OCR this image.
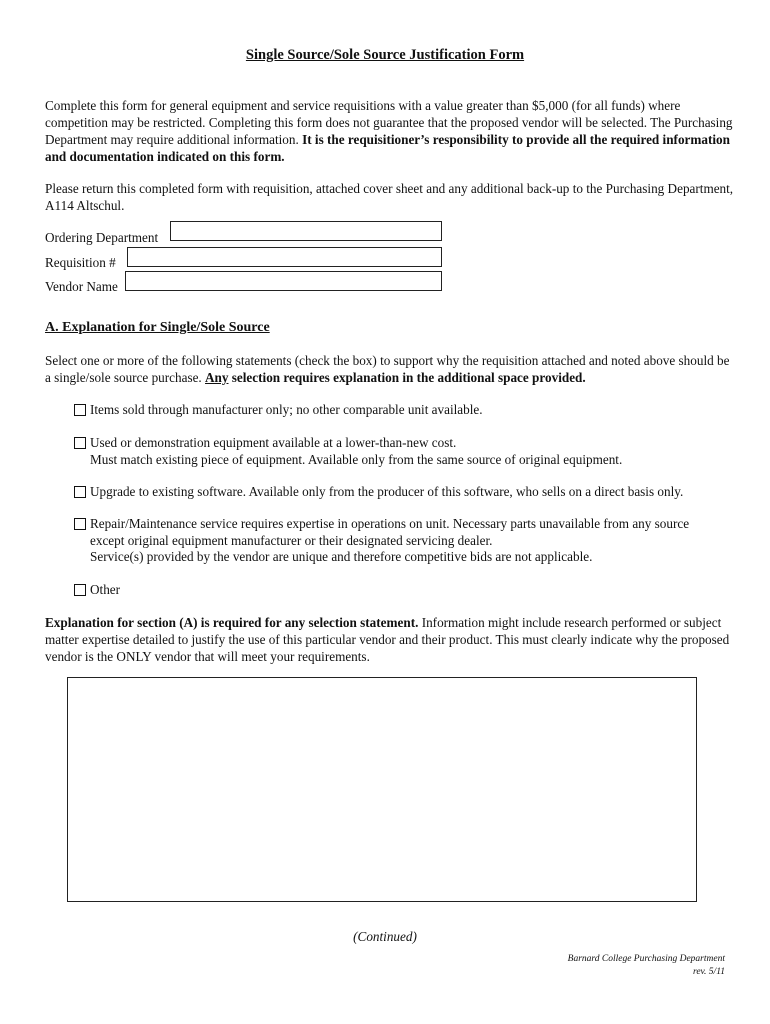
Single Source/Sole Source Justification Form
Complete this form for general equipment and service requisitions with a value greater than $5,000 (for all funds) where competition may be restricted. Completing this form does not guarantee that the proposed vendor will be selected. The Purchasing Department may require additional information. It is the requisitioner’s responsibility to provide all the required information and documentation indicated on this form.
Please return this completed form with requisition, attached cover sheet and any additional back-up to the Purchasing Department, A114 Altschul.
Ordering Department
Requisition #
Vendor Name
A. Explanation for Single/Sole Source
Select one or more of the following statements (check the box) to support why the requisition attached and noted above should be a single/sole source purchase. Any selection requires explanation in the additional space provided.
Items sold through manufacturer only; no other comparable unit available.
Used or demonstration equipment available at a lower-than-new cost.
Must match existing piece of equipment. Available only from the same source of original equipment.
Upgrade to existing software. Available only from the producer of this software, who sells on a direct basis only.
Repair/Maintenance service requires expertise in operations on unit. Necessary parts unavailable from any source
except original equipment manufacturer or their designated servicing dealer.
Service(s) provided by the vendor are unique and therefore competitive bids are not applicable.
Other
Explanation for section (A) is required for any selection statement. Information might include research performed or subject matter expertise detailed to justify the use of this particular vendor and their product. This must clearly indicate why the proposed vendor is the ONLY vendor that will meet your requirements.
(Continued)
Barnard College Purchasing Department
rev. 5/11
